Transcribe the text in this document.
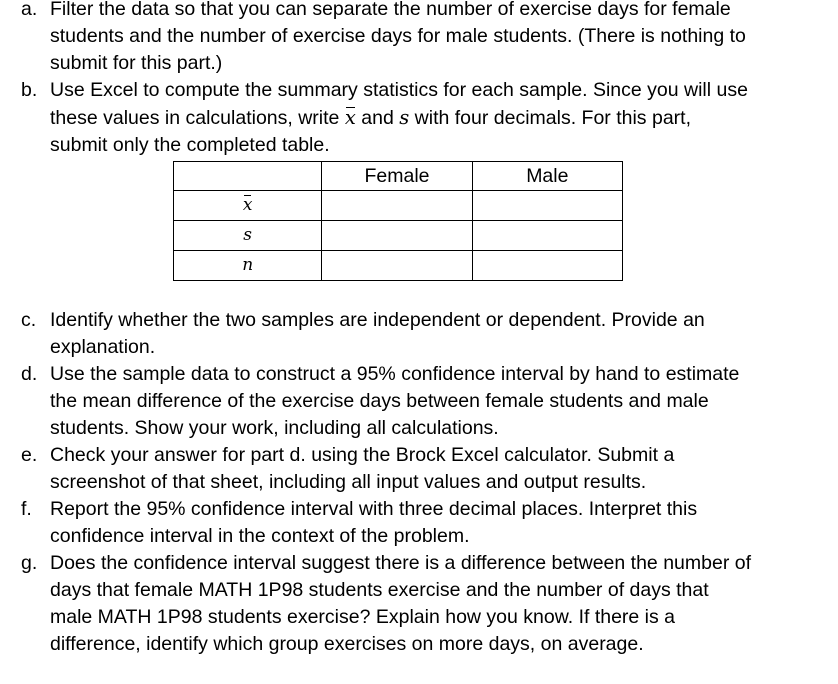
a. Filter the data so that you can separate the number of exercise days for female
students and the number of exercise days for male students. (There is nothing to
submit for this part.)
b. Use Excel to compute the summary statistics for each sample. Since you will use
these values in calculations, write x and s with four decimals. For this part,
submit only the completed table.
	Female	Male
x		
s		
n		
c. Identify whether the two samples are independent or dependent. Provide an
explanation.
d. Use the sample data to construct a 95% confidence interval by hand to estimate
the mean difference of the exercise days between female students and male
students. Show your work, including all calculations.
e. Check your answer for part d. using the Brock Excel calculator. Submit a
screenshot of that sheet, including all input values and output results.
f. Report the 95% confidence interval with three decimal places. Interpret this
confidence interval in the context of the problem.
g. Does the confidence interval suggest there is a difference between the number of
days that female MATH 1P98 students exercise and the number of days that
male MATH 1P98 students exercise? Explain how you know. If there is a
difference, identify which group exercises on more days, on average.
